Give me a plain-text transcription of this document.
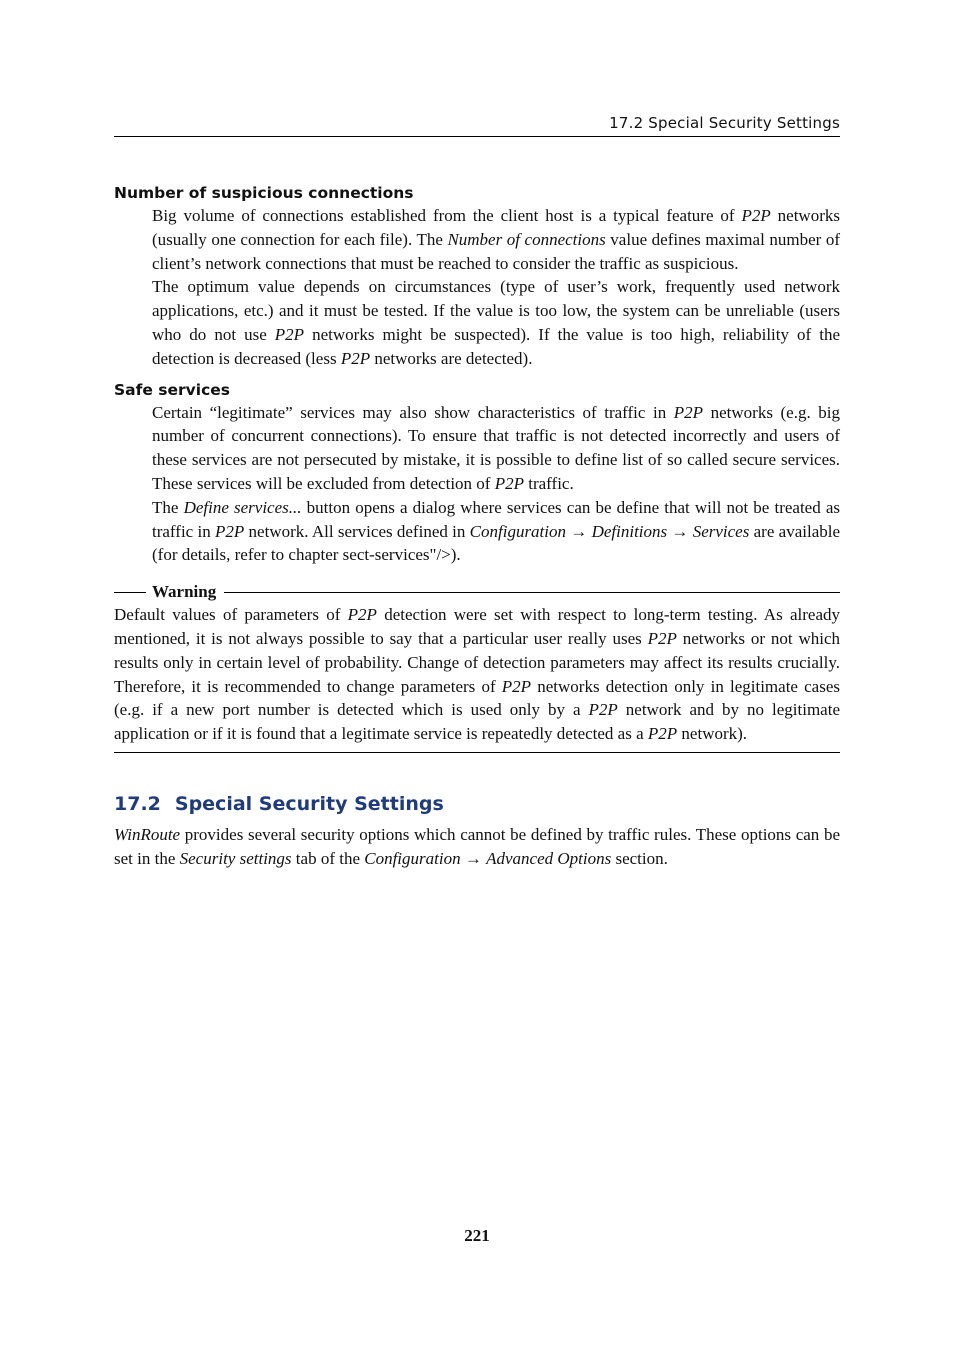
17.2 Special Security Settings
Number of suspicious connections

Big volume of connections established from the client host is a typical feature of P2P networks (usually one connection for each file). The Number of connections value defines maximal number of client’s network connections that must be reached to consider the traffic as suspicious.

The optimum value depends on circumstances (type of user’s work, frequently used network applications, etc.) and it must be tested. If the value is too low, the system can be unreliable (users who do not use P2P networks might be suspected). If the value is too high, reliability of the detection is decreased (less P2P networks are detected).

Safe services

Certain “legitimate” services may also show characteristics of traffic in P2P networks (e.g. big number of concurrent connections). To ensure that traffic is not detected incorrectly and users of these services are not persecuted by mistake, it is possible to define list of so called secure services. These services will be excluded from detection of P2P traffic.

The Define services... button opens a dialog where services can be define that will not be treated as traffic in P2P network. All services defined in Configuration → Definitions → Services are available (for details, refer to chapter sect-services"/>).

Warning

Default values of parameters of P2P detection were set with respect to long-term testing. As already mentioned, it is not always possible to say that a particular user really uses P2P networks or not which results only in certain level of probability. Change of detection parameters may affect its results crucially. Therefore, it is recommended to change parameters of P2P networks detection only in legitimate cases (e.g. if a new port number is detected which is used only by a P2P network and by no legitimate application or if it is found that a legitimate service is repeatedly detected as a P2P network).

17.2 Special Security Settings

WinRoute provides several security options which cannot be defined by traffic rules. These options can be set in the Security settings tab of the Configuration → Advanced Options section.

221
